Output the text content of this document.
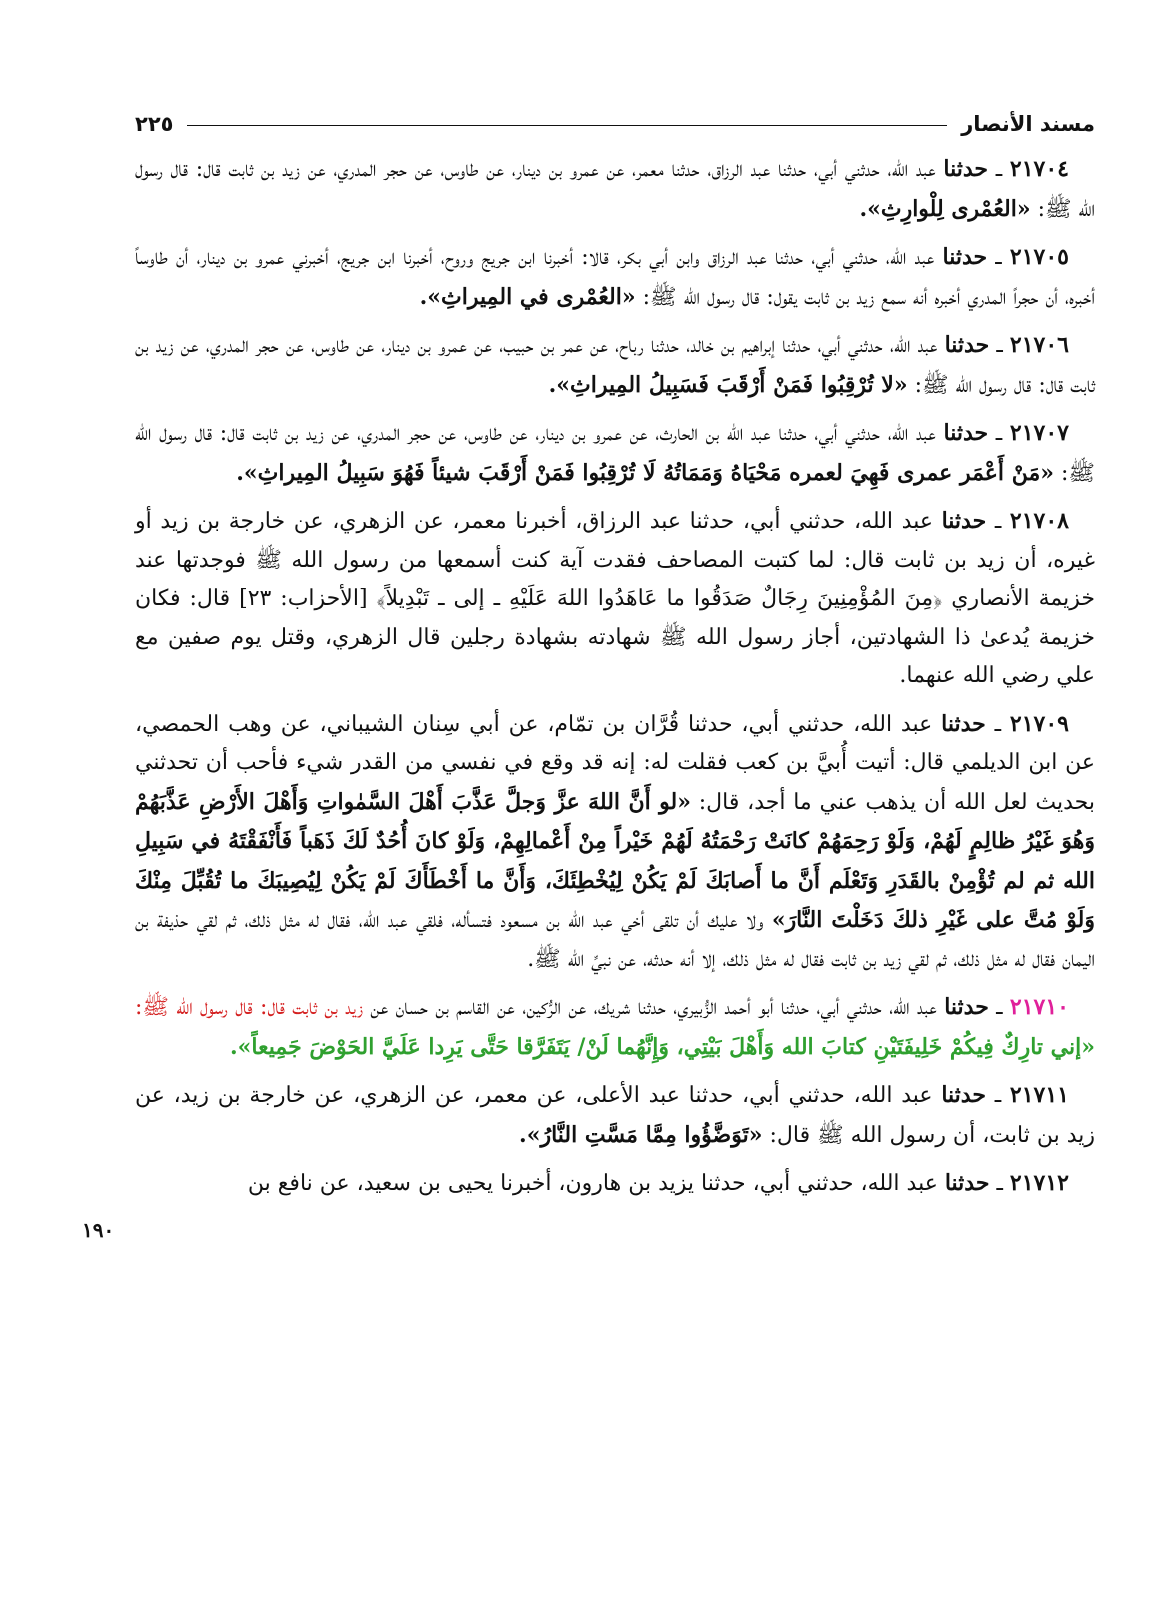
مسند الأنصار
٢٢٥
١٩٠

٢١٧٠٤ ـ حدثنا عبد الله، حدثني أبي، حدثنا عبد الرزاق، حدثنا معمر، عن عمرو بن دينار، عن طاوس، عن حجر المدري، عن زيد بن ثابت قال: قال رسول الله ﷺ: «العُمْرى لِلْوارِثِ».

٢١٧٠٥ ـ حدثنا عبد الله، حدثني أبي، حدثنا عبد الرزاق وابن أبي بكر، قالا: أخبرنا ابن جريج وروح، أخبرنا ابن جريج، أخبرني عمرو بن دينار، أن طاوساً أخبره، أن حجراً المدري أخبره أنه سمع زيد بن ثابت يقول: قال رسول الله ﷺ: «العُمْرى في المِيراثِ».

٢١٧٠٦ ـ حدثنا عبد الله، حدثني أبي، حدثنا إبراهيم بن خالد، حدثنا رباح، عن عمر بن حبيب، عن عمرو بن دينار، عن طاوس، عن حجر المدري، عن زيد بن ثابت قال: قال رسول الله ﷺ: «لا تُرْقِبُوا فَمَنْ أَرْقَبَ فَسَبِيلُ المِيراثِ».

٢١٧٠٧ ـ حدثنا عبد الله، حدثني أبي، حدثنا عبد الله بن الحارث، عن عمرو بن دينار، عن طاوس، عن حجر المدري، عن زيد بن ثابت قال: قال رسول الله ﷺ: «مَنْ أَعْمَر عمرى فَهِيَ لعمره مَحْيَاهُ وَمَمَاتُهُ لَا تُرْقِبُوا فَمَنْ أَرْقَبَ شيئاً فَهُوَ سَبِيلُ المِيراثِ».

٢١٧٠٨ ـ حدثنا عبد الله، حدثني أبي، حدثنا عبد الرزاق، أخبرنا معمر، عن الزهري، عن خارجة بن زيد أو غيره، أن زيد بن ثابت قال: لما كتبت المصاحف فقدت آية كنت أسمعها من رسول الله ﷺ فوجدتها عند خزيمة الأنصاري ﴿مِنَ المُؤْمِنِينَ رِجَالٌ صَدَقُوا ما عَاهَدُوا اللهَ عَلَيْهِ ـ إلى ـ تَبْدِيلاً﴾ [الأحزاب: ٢٣] قال: فكان خزيمة يُدعىٰ ذا الشهادتين، أجاز رسول الله ﷺ شهادته بشهادة رجلين قال الزهري، وقتل يوم صفين مع علي رضي الله عنهما.

٢١٧٠٩ ـ حدثنا عبد الله، حدثني أبي، حدثنا قُرَّان بن تمّام، عن أبي سِنان الشيباني، عن وهب الحمصي، عن ابن الديلمي قال: أتيت أُبيَّ بن كعب فقلت له: إنه قد وقع في نفسي من القدر شيء فأحب أن تحدثني بحديث لعل الله أن يذهب عني ما أجد، قال: «لو أَنَّ اللهَ عزَّ وَجلَّ عَذَّبَ أَهْلَ السَّمٰواتِ وَأَهْلَ الأَرْضِ عَذَّبَهُمْ وَهُوَ غَيْرُ ظالِمٍ لَهُمْ، وَلَوْ رَحِمَهُمْ كانَتْ رَحْمَتُهُ لَهُمْ خَيْراً مِنْ أَعْمالِهِمْ، وَلَوْ كانَ أُحُدٌ لَكَ ذَهَباً فَأَنْفَقْتَهُ في سَبِيلِ الله ثم لم تُؤْمِنْ بالقَدَرِ وَتَعْلَم أَنَّ ما أَصابَكَ لَمْ يَكُنْ لِيُخْطِئَكَ، وَأَنَّ ما أَخْطَأَكَ لَمْ يَكُنْ لِيُصِيبَكَ ما تُقُبِّلَ مِنْكَ وَلَوْ مُتَّ على غَيْرِ ذلكَ دَخَلْتَ النَّارَ» ولا عليك أن تلقى أخي عبد الله بن مسعود فتسأله، فلقي عبد الله، فقال له مثل ذلك، ثم لقي حذيفة بن اليمان فقال له مثل ذلك، ثم لقي زيد بن ثابت فقال له مثل ذلك، إلا أنه حدثه، عن نبيِّ الله ﷺ.

٢١٧١٠ ـ حدثنا عبد الله، حدثني أبي، حدثنا أبو أحمد الزُّبيري، حدثنا شريك، عن الرُّكين، عن القاسم بن حسان عن زيد بن ثابت قال: قال رسول الله ﷺ: «إني تارِكٌ فِيكُمْ خَلِيفَتَيْنِ كتابَ الله وَأَهْلَ بَيْتِي، وَإِنَّهُما لَنْ/ يَتَفَرَّقا حَتَّى يَرِدا عَلَيَّ الحَوْضَ جَمِيعاً».

٢١٧١١ ـ حدثنا عبد الله، حدثني أبي، حدثنا عبد الأعلى، عن معمر، عن الزهري، عن خارجة بن زيد، عن زيد بن ثابت، أن رسول الله ﷺ قال: «تَوَضَّؤُوا مِمَّا مَسَّتِ النَّارُ».

٢١٧١٢ ـ حدثنا عبد الله، حدثني أبي، حدثنا يزيد بن هارون، أخبرنا يحيى بن سعيد، عن نافع بن
